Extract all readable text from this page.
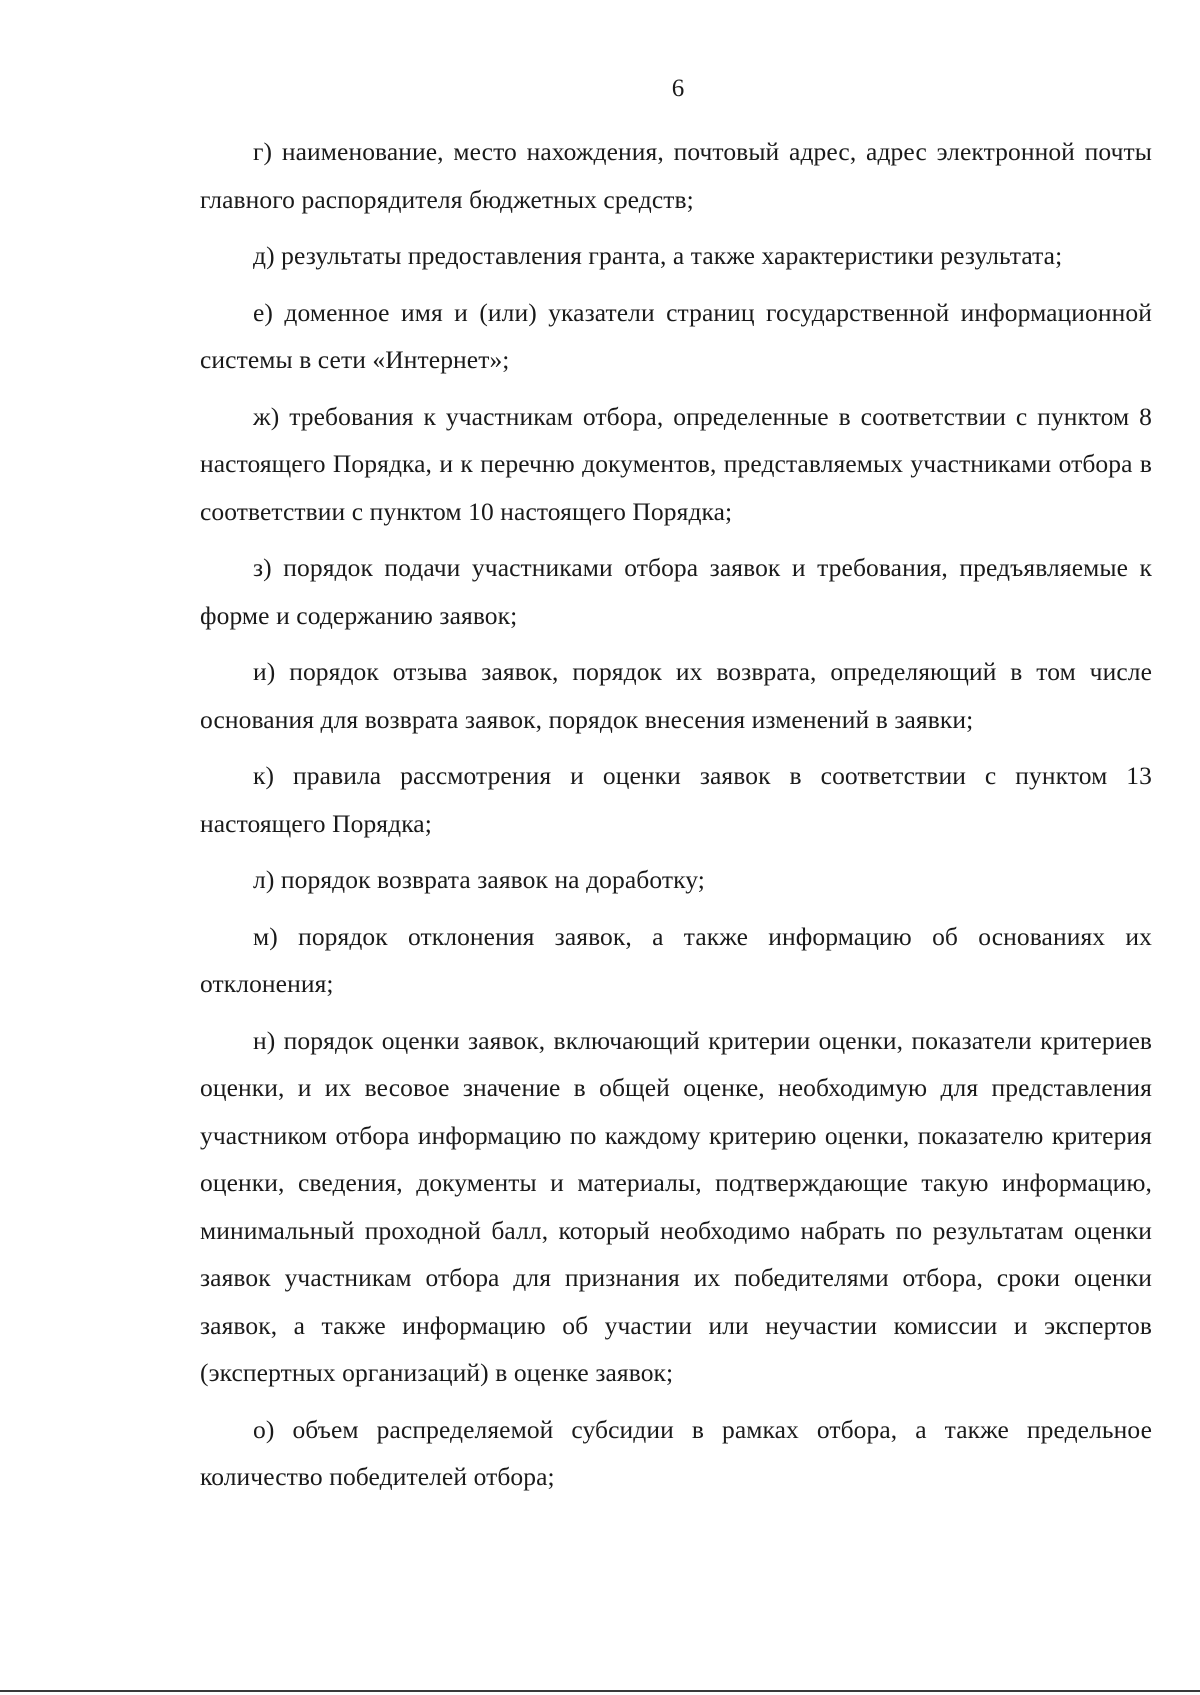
6

г) наименование, место нахождения, почтовый адрес, адрес электронной почты главного распорядителя бюджетных средств;

д) результаты предоставления гранта, а также характеристики результата;

е) доменное имя и (или) указатели страниц государственной информационной системы в сети «Интернет»;

ж) требования к участникам отбора, определенные в соответствии с пунктом 8 настоящего Порядка, и к перечню документов, представляемых участниками отбора в соответствии с пунктом 10 настоящего Порядка;

з) порядок подачи участниками отбора заявок и требования, предъявляемые к форме и содержанию заявок;

и) порядок отзыва заявок, порядок их возврата, определяющий в том числе основания для возврата заявок, порядок внесения изменений в заявки;

к) правила рассмотрения и оценки заявок в соответствии с пунктом 13 настоящего Порядка;

л) порядок возврата заявок на доработку;

м) порядок отклонения заявок, а также информацию об основаниях их отклонения;

н) порядок оценки заявок, включающий критерии оценки, показатели критериев оценки, и их весовое значение в общей оценке, необходимую для представления участником отбора информацию по каждому критерию оценки, показателю критерия оценки, сведения, документы и материалы, подтверждающие такую информацию, минимальный проходной балл, который необходимо набрать по результатам оценки заявок участникам отбора для признания их победителями отбора, сроки оценки заявок, а также информацию об участии или неучастии комиссии и экспертов (экспертных организаций) в оценке заявок;

о) объем распределяемой субсидии в рамках отбора, а также предельное количество победителей отбора;
